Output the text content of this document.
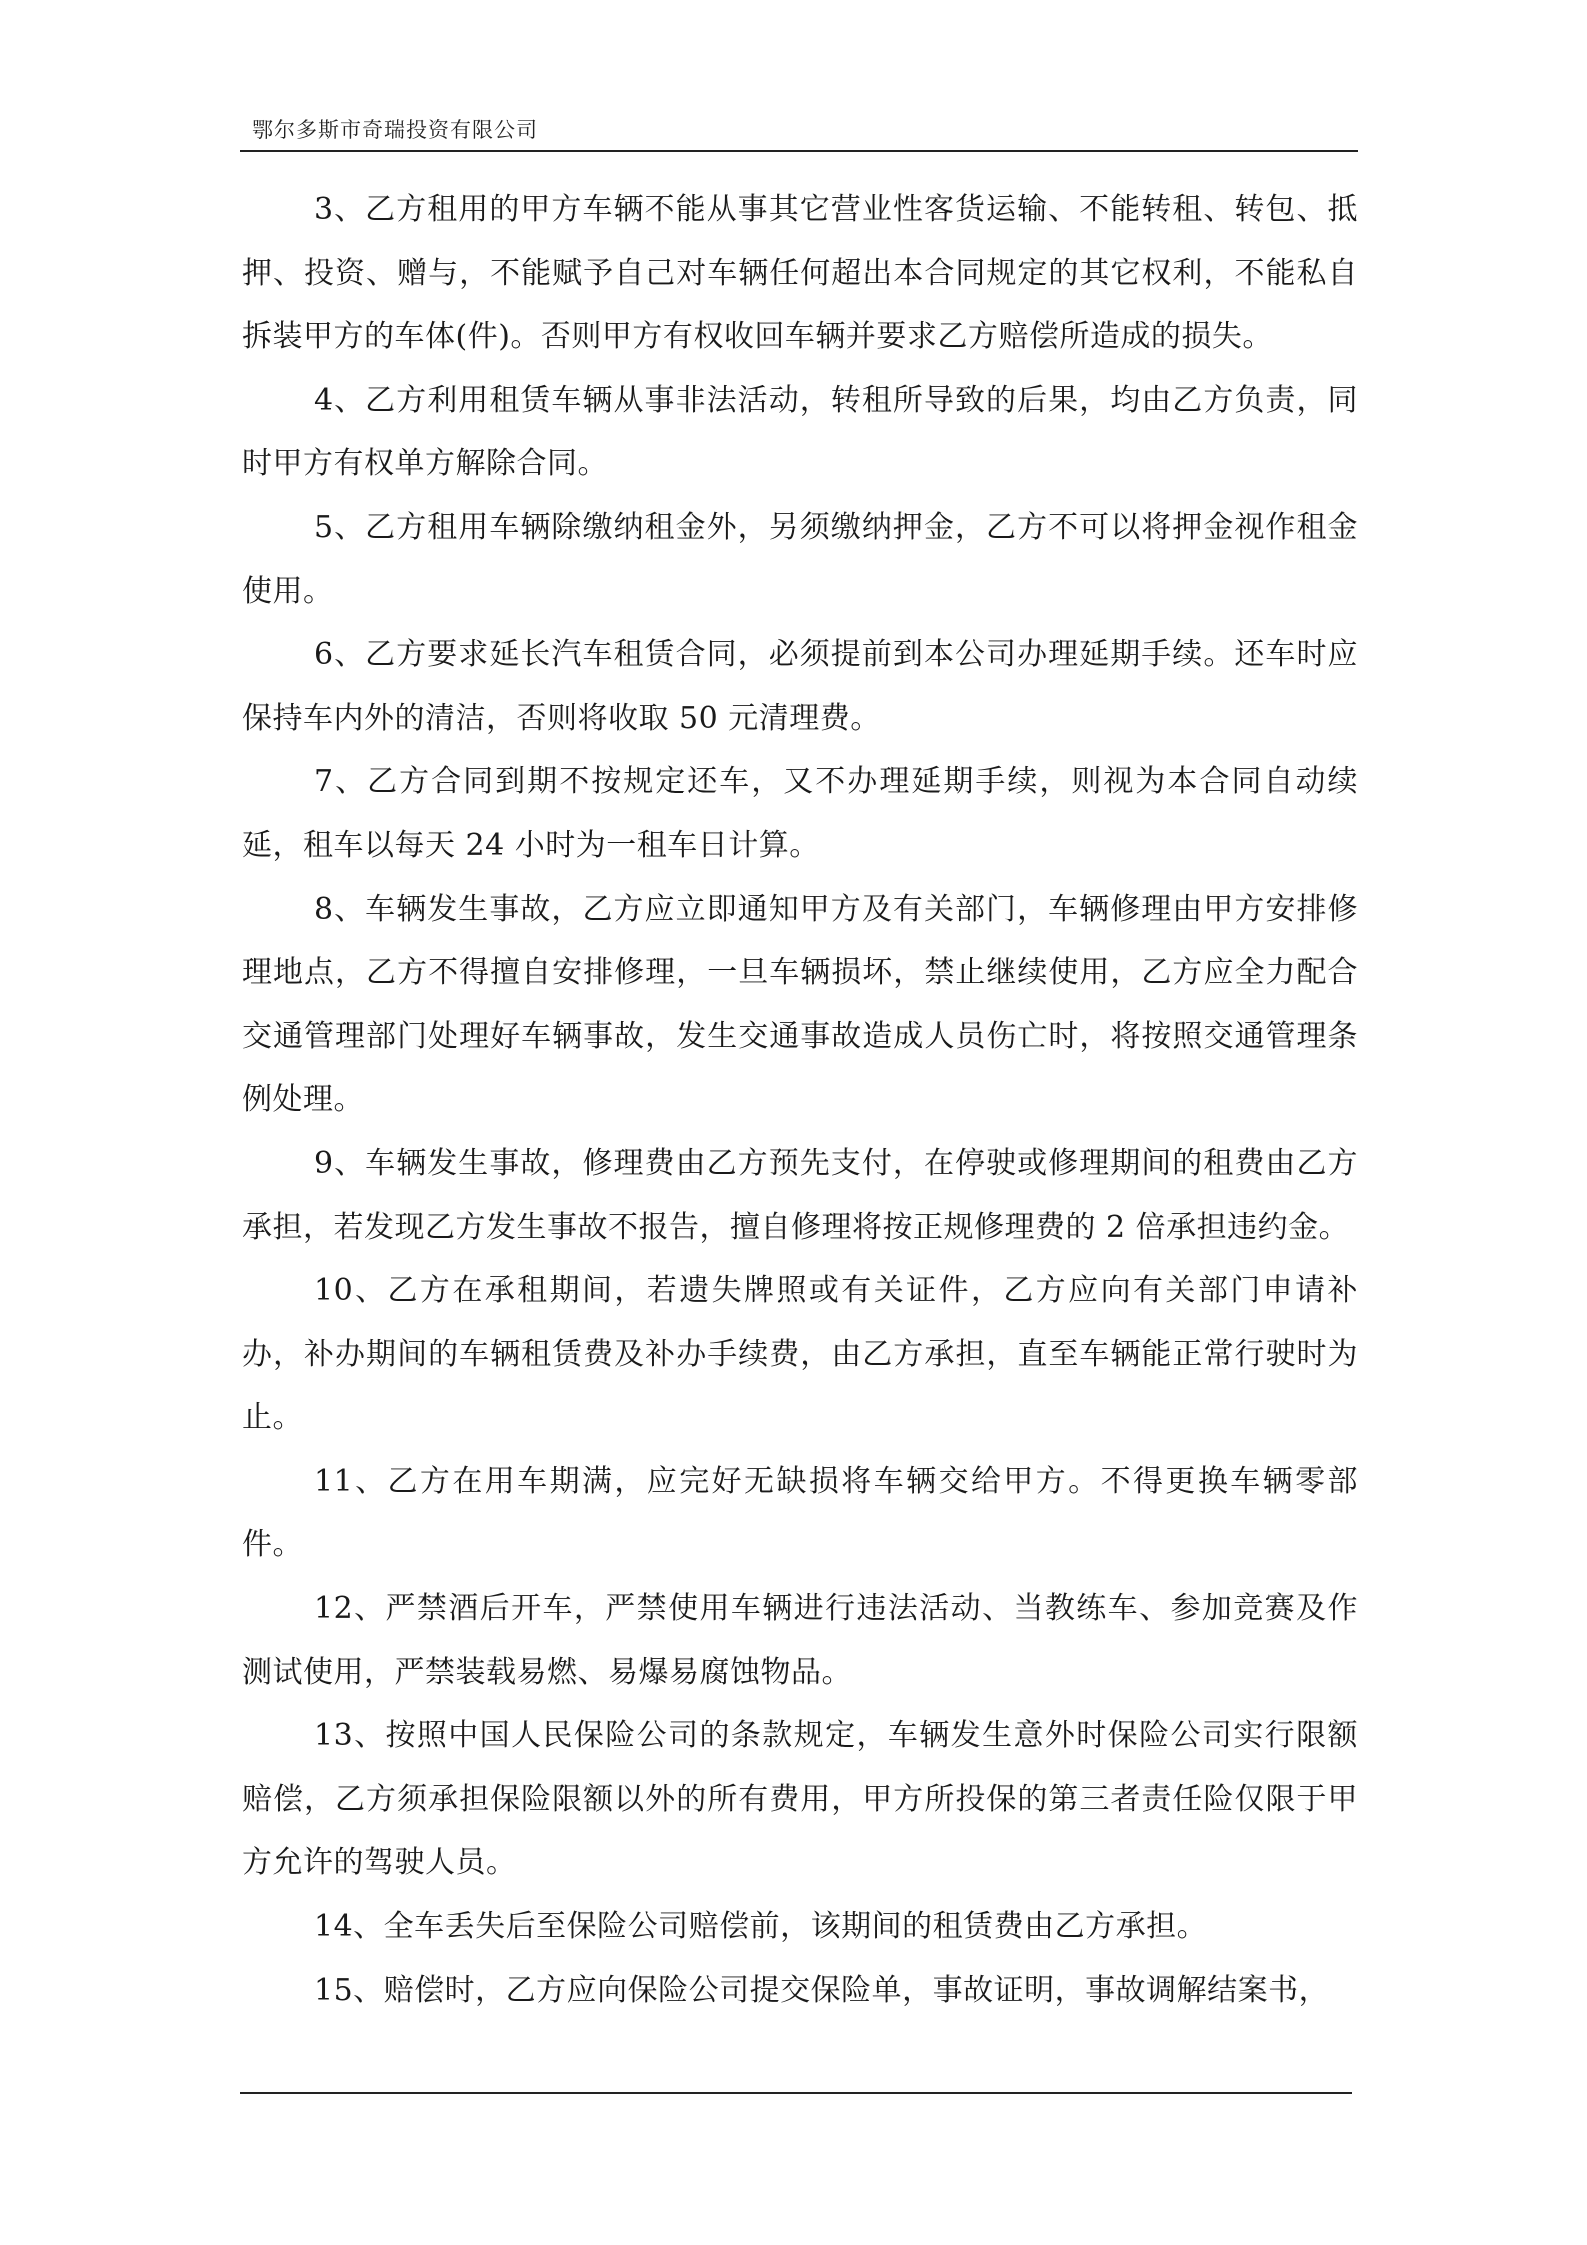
鄂尔多斯市奇瑞投资有限公司

3、乙方租用的甲方车辆不能从事其它营业性客货运输、不能转租、转包、抵押、投资、赠与，不能赋予自己对车辆任何超出本合同规定的其它权利，不能私自拆装甲方的车体(件)。否则甲方有权收回车辆并要求乙方赔偿所造成的损失。

4、乙方利用租赁车辆从事非法活动，转租所导致的后果，均由乙方负责，同时甲方有权单方解除合同。

5、乙方租用车辆除缴纳租金外，另须缴纳押金，乙方不可以将押金视作租金使用。

6、乙方要求延长汽车租赁合同，必须提前到本公司办理延期手续。还车时应保持车内外的清洁，否则将收取 50 元清理费。

7、乙方合同到期不按规定还车，又不办理延期手续，则视为本合同自动续延，租车以每天 24 小时为一租车日计算。

8、车辆发生事故，乙方应立即通知甲方及有关部门，车辆修理由甲方安排修理地点，乙方不得擅自安排修理，一旦车辆损坏，禁止继续使用，乙方应全力配合交通管理部门处理好车辆事故，发生交通事故造成人员伤亡时，将按照交通管理条例处理。

9、车辆发生事故，修理费由乙方预先支付，在停驶或修理期间的租费由乙方承担，若发现乙方发生事故不报告，擅自修理将按正规修理费的 2 倍承担违约金。

10、乙方在承租期间，若遗失牌照或有关证件，乙方应向有关部门申请补办，补办期间的车辆租赁费及补办手续费，由乙方承担，直至车辆能正常行驶时为止。

11、乙方在用车期满，应完好无缺损将车辆交给甲方。不得更换车辆零部件。

12、严禁酒后开车，严禁使用车辆进行违法活动、当教练车、参加竞赛及作测试使用，严禁装载易燃、易爆易腐蚀物品。

13、按照中国人民保险公司的条款规定，车辆发生意外时保险公司实行限额赔偿，乙方须承担保险限额以外的所有费用，甲方所投保的第三者责任险仅限于甲方允许的驾驶人员。

14、全车丢失后至保险公司赔偿前，该期间的租赁费由乙方承担。

15、赔偿时，乙方应向保险公司提交保险单，事故证明，事故调解结案书，
